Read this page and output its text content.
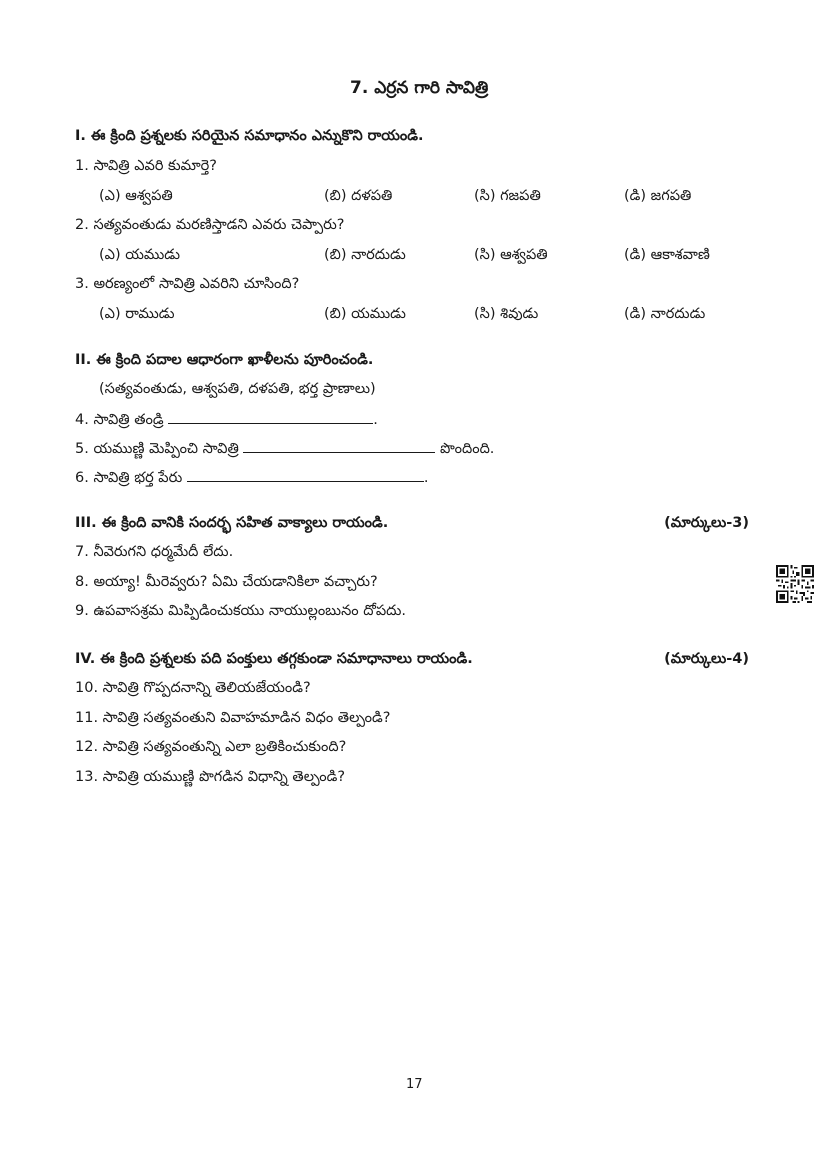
7. ఎర్రన గారి సావిత్రి
I. ఈ క్రింది ప్రశ్నలకు సరియైన సమాధానం ఎన్నుకొని రాయండి.
1. సావిత్రి ఎవరి కుమార్తె?
(ఎ) ఆశ్వపతి	(బి) దళపతి	(సి) గజపతి	(డి) జగపతి
2. సత్యవంతుడు మరణిస్తాడని ఎవరు చెప్పారు?
(ఎ) యముడు	(బి) నారదుడు	(సి) ఆశ్వపతి	(డి) ఆకాశవాణి
3. అరణ్యంలో సావిత్రి ఎవరిని చూసింది?
(ఎ) రాముడు	(బి) యముడు	(సి) శివుడు	(డి) నారదుడు
II. ఈ క్రింది పదాల ఆధారంగా ఖాళీలను పూరించండి.
(సత్యవంతుడు, ఆశ్వపతి, దళపతి, భర్త ప్రాణాలు)
4. సావిత్రి తండ్రి	.
5. యముణ్ణి మెప్పించి సావిత్రి	పొందింది.
6. సావిత్రి భర్త పేరు	.
III. ఈ క్రింది వానికి సందర్భ సహిత వాక్యాలు రాయండి.	(మార్కులు-3)
7. నీవెరుగని ధర్మమేదీ లేదు.
8. అయ్యా! మీరెవ్వరు? ఏమి చేయడానికిలా వచ్చారు?
9. ఉపవాసశ్రమ మిప్పిడించుకయు నాయుల్లంబునం దోపదు.
IV. ఈ క్రింది ప్రశ్నలకు పది పంక్తులు తగ్గకుండా సమాధానాలు రాయండి.	(మార్కులు-4)
10. సావిత్రి గొప్పదనాన్ని తెలియజేయండి?
11. సావిత్రి సత్యవంతుని వివాహమాడిన విధం తెల్పండి?
12. సావిత్రి సత్యవంతున్ని ఎలా బ్రతికించుకుంది?
13. సావిత్రి యముణ్ణి పొగడిన విధాన్ని తెల్పండి?
17
